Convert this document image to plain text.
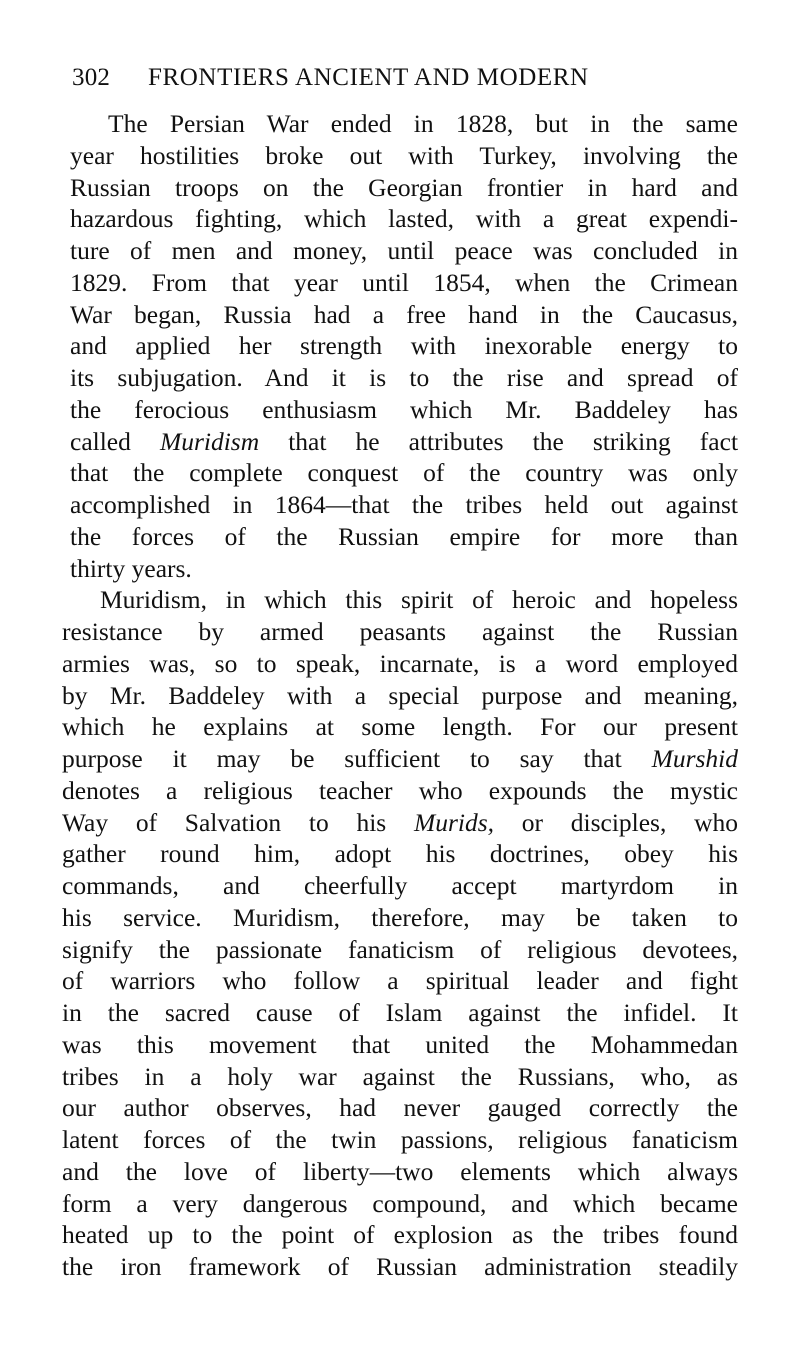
302 FRONTIERS ANCIENT AND MODERN
The Persian War ended in 1828, but in the same
year hostilities broke out with Turkey, involving the
Russian troops on the Georgian frontier in hard and
hazardous fighting, which lasted, with a great expendi-
ture of men and money, until peace was concluded in
1829. From that year until 1854, when the Crimean
War began, Russia had a free hand in the Caucasus,
and applied her strength with inexorable energy to
its subjugation. And it is to the rise and spread of
the ferocious enthusiasm which Mr. Baddeley has
called Muridism that he attributes the striking fact
that the complete conquest of the country was only
accomplished in 1864—that the tribes held out against
the forces of the Russian empire for more than
thirty years.
Muridism, in which this spirit of heroic and hopeless
resistance by armed peasants against the Russian
armies was, so to speak, incarnate, is a word employed
by Mr. Baddeley with a special purpose and meaning,
which he explains at some length. For our present
purpose it may be sufficient to say that Murshid
denotes a religious teacher who expounds the mystic
Way of Salvation to his Murids, or disciples, who
gather round him, adopt his doctrines, obey his
commands, and cheerfully accept martyrdom in
his service. Muridism, therefore, may be taken to
signify the passionate fanaticism of religious devotees,
of warriors who follow a spiritual leader and fight
in the sacred cause of Islam against the infidel. It
was this movement that united the Mohammedan
tribes in a holy war against the Russians, who, as
our author observes, had never gauged correctly the
latent forces of the twin passions, religious fanaticism
and the love of liberty—two elements which always
form a very dangerous compound, and which became
heated up to the point of explosion as the tribes found
the iron framework of Russian administration steadily
